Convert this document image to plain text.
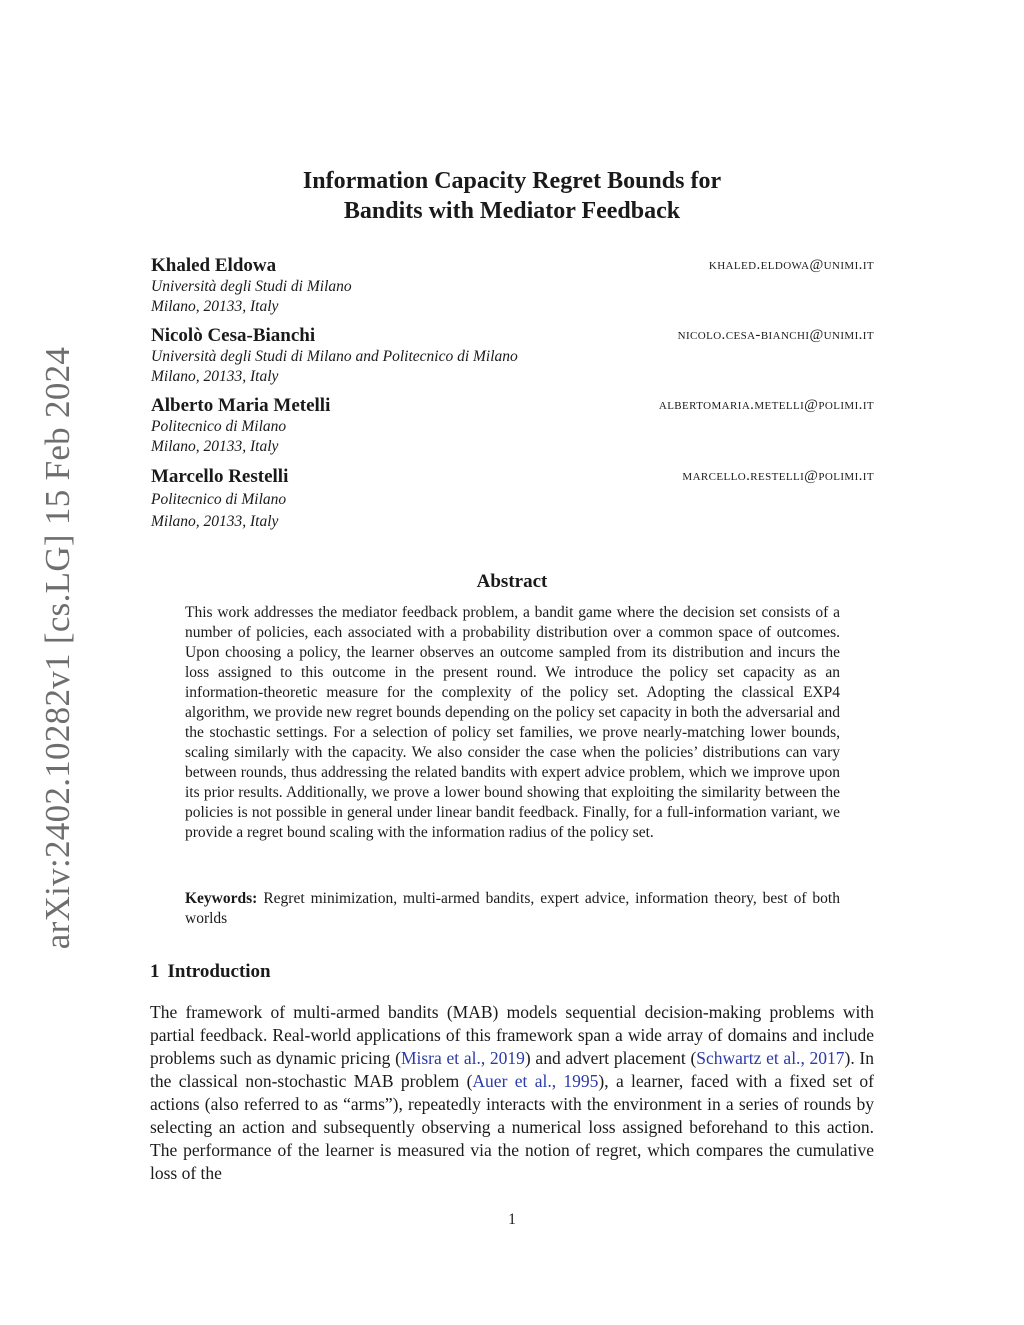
arXiv:2402.10282v1 [cs.LG] 15 Feb 2024
Information Capacity Regret Bounds for
Bandits with Mediator Feedback
Khaled Eldowa	khaled.eldowa@unimi.it
Università degli Studi di Milano
Milano, 20133, Italy
Nicolò Cesa-Bianchi	nicolo.cesa-bianchi@unimi.it
Università degli Studi di Milano and Politecnico di Milano
Milano, 20133, Italy
Alberto Maria Metelli	albertomaria.metelli@polimi.it
Politecnico di Milano
Milano, 20133, Italy
Marcello Restelli	marcello.restelli@polimi.it
Politecnico di Milano
Milano, 20133, Italy
Abstract
This work addresses the mediator feedback problem, a bandit game where the decision set consists of a number of policies, each associated with a probability distribution over a common space of outcomes. Upon choosing a policy, the learner observes an outcome sampled from its distribution and incurs the loss assigned to this outcome in the present round. We introduce the policy set capacity as an information-theoretic measure for the complexity of the policy set. Adopting the classical EXP4 algorithm, we provide new regret bounds depending on the policy set capacity in both the adversarial and the stochastic settings. For a selection of policy set families, we prove nearly-matching lower bounds, scaling similarly with the capacity. We also consider the case when the policies’ distributions can vary between rounds, thus addressing the related bandits with expert advice problem, which we improve upon its prior results. Additionally, we prove a lower bound showing that exploiting the similarity between the policies is not possible in general under linear bandit feedback. Finally, for a full-information variant, we provide a regret bound scaling with the information radius of the policy set.
Keywords: Regret minimization, multi-armed bandits, expert advice, information theory, best of both worlds
1 Introduction
The framework of multi-armed bandits (MAB) models sequential decision-making problems with partial feedback. Real-world applications of this framework span a wide array of domains and include problems such as dynamic pricing (Misra et al., 2019) and advert placement (Schwartz et al., 2017). In the classical non-stochastic MAB problem (Auer et al., 1995), a learner, faced with a fixed set of actions (also referred to as “arms”), repeatedly interacts with the environment in a series of rounds by selecting an action and subsequently observing a numerical loss assigned beforehand to this action. The performance of the learner is measured via the notion of regret, which compares the cumulative loss of the
1
